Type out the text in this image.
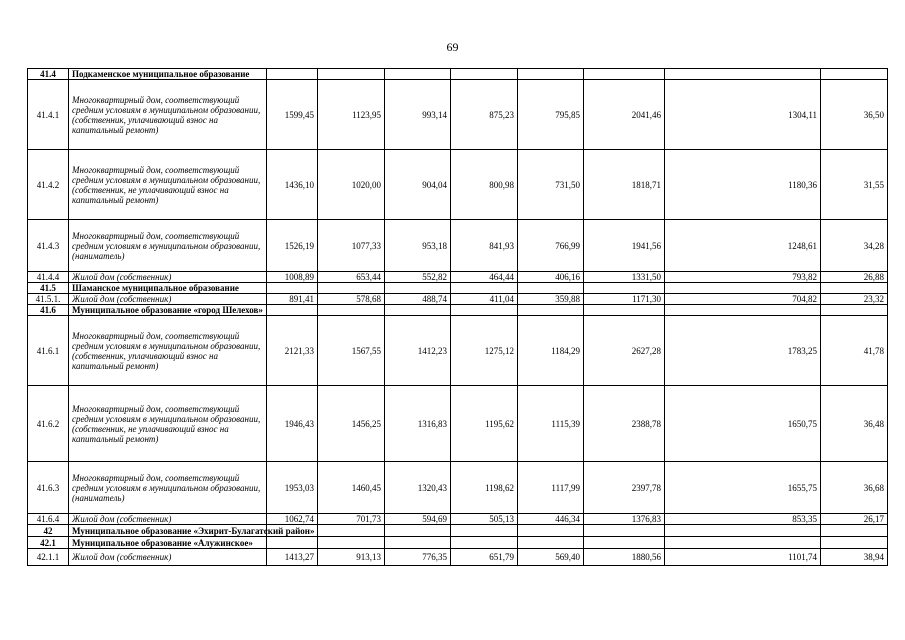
69
41.4	Подкаменское муниципальное образование								
41.4.1	Многоквартирный дом, соответствующий средним условиям в муниципальном образовании, (собственник, уплачивающий взнос на капитальный ремонт)	1599,45	1123,95	993,14	875,23	795,85	2041,46	1304,11	36,50
41.4.2	Многоквартирный дом, соответствующий средним условиям в муниципальном образовании, (собственник, не уплачивающий взнос на капитальный ремонт)	1436,10	1020,00	904,04	800,98	731,50	1818,71	1180,36	31,55
41.4.3	Многоквартирный дом, соответствующий средним условиям в муниципальном образовании, (наниматель)	1526,19	1077,33	953,18	841,93	766,99	1941,56	1248,61	34,28
41.4.4	Жилой дом (собственник)	1008,89	653,44	552,82	464,44	406,16	1331,50	793,82	26,88
41.5	Шаманское муниципальное образование								
41.5.1.	Жилой дом (собственник)	891,41	578,68	488,74	411,04	359,88	1171,30	704,82	23,32
41.6	Муниципальное образование «город Шелехов»								
41.6.1	Многоквартирный дом, соответствующий средним условиям в муниципальном образовании, (собственник, уплачивающий взнос на капитальный ремонт)	2121,33	1567,55	1412,23	1275,12	1184,29	2627,28	1783,25	41,78
41.6.2	Многоквартирный дом, соответствующий средним условиям в муниципальном образовании, (собственник, не уплачивающий взнос на капитальный ремонт)	1946,43	1456,25	1316,83	1195,62	1115,39	2388,78	1650,75	36,48
41.6.3	Многоквартирный дом, соответствующий средним условиям в муниципальном образовании, (наниматель)	1953,03	1460,45	1320,43	1198,62	1117,99	2397,78	1655,75	36,68
41.6.4	Жилой дом (собственник)	1062,74	701,73	594,69	505,13	446,34	1376,83	853,35	26,17
42	Муниципальное образование «Эхирит-Булагатский район»								
42.1	Муниципальное образование «Алужинское»								
42.1.1	Жилой дом (собственник)	1413,27	913,13	776,35	651,79	569,40	1880,56	1101,74	38,94
